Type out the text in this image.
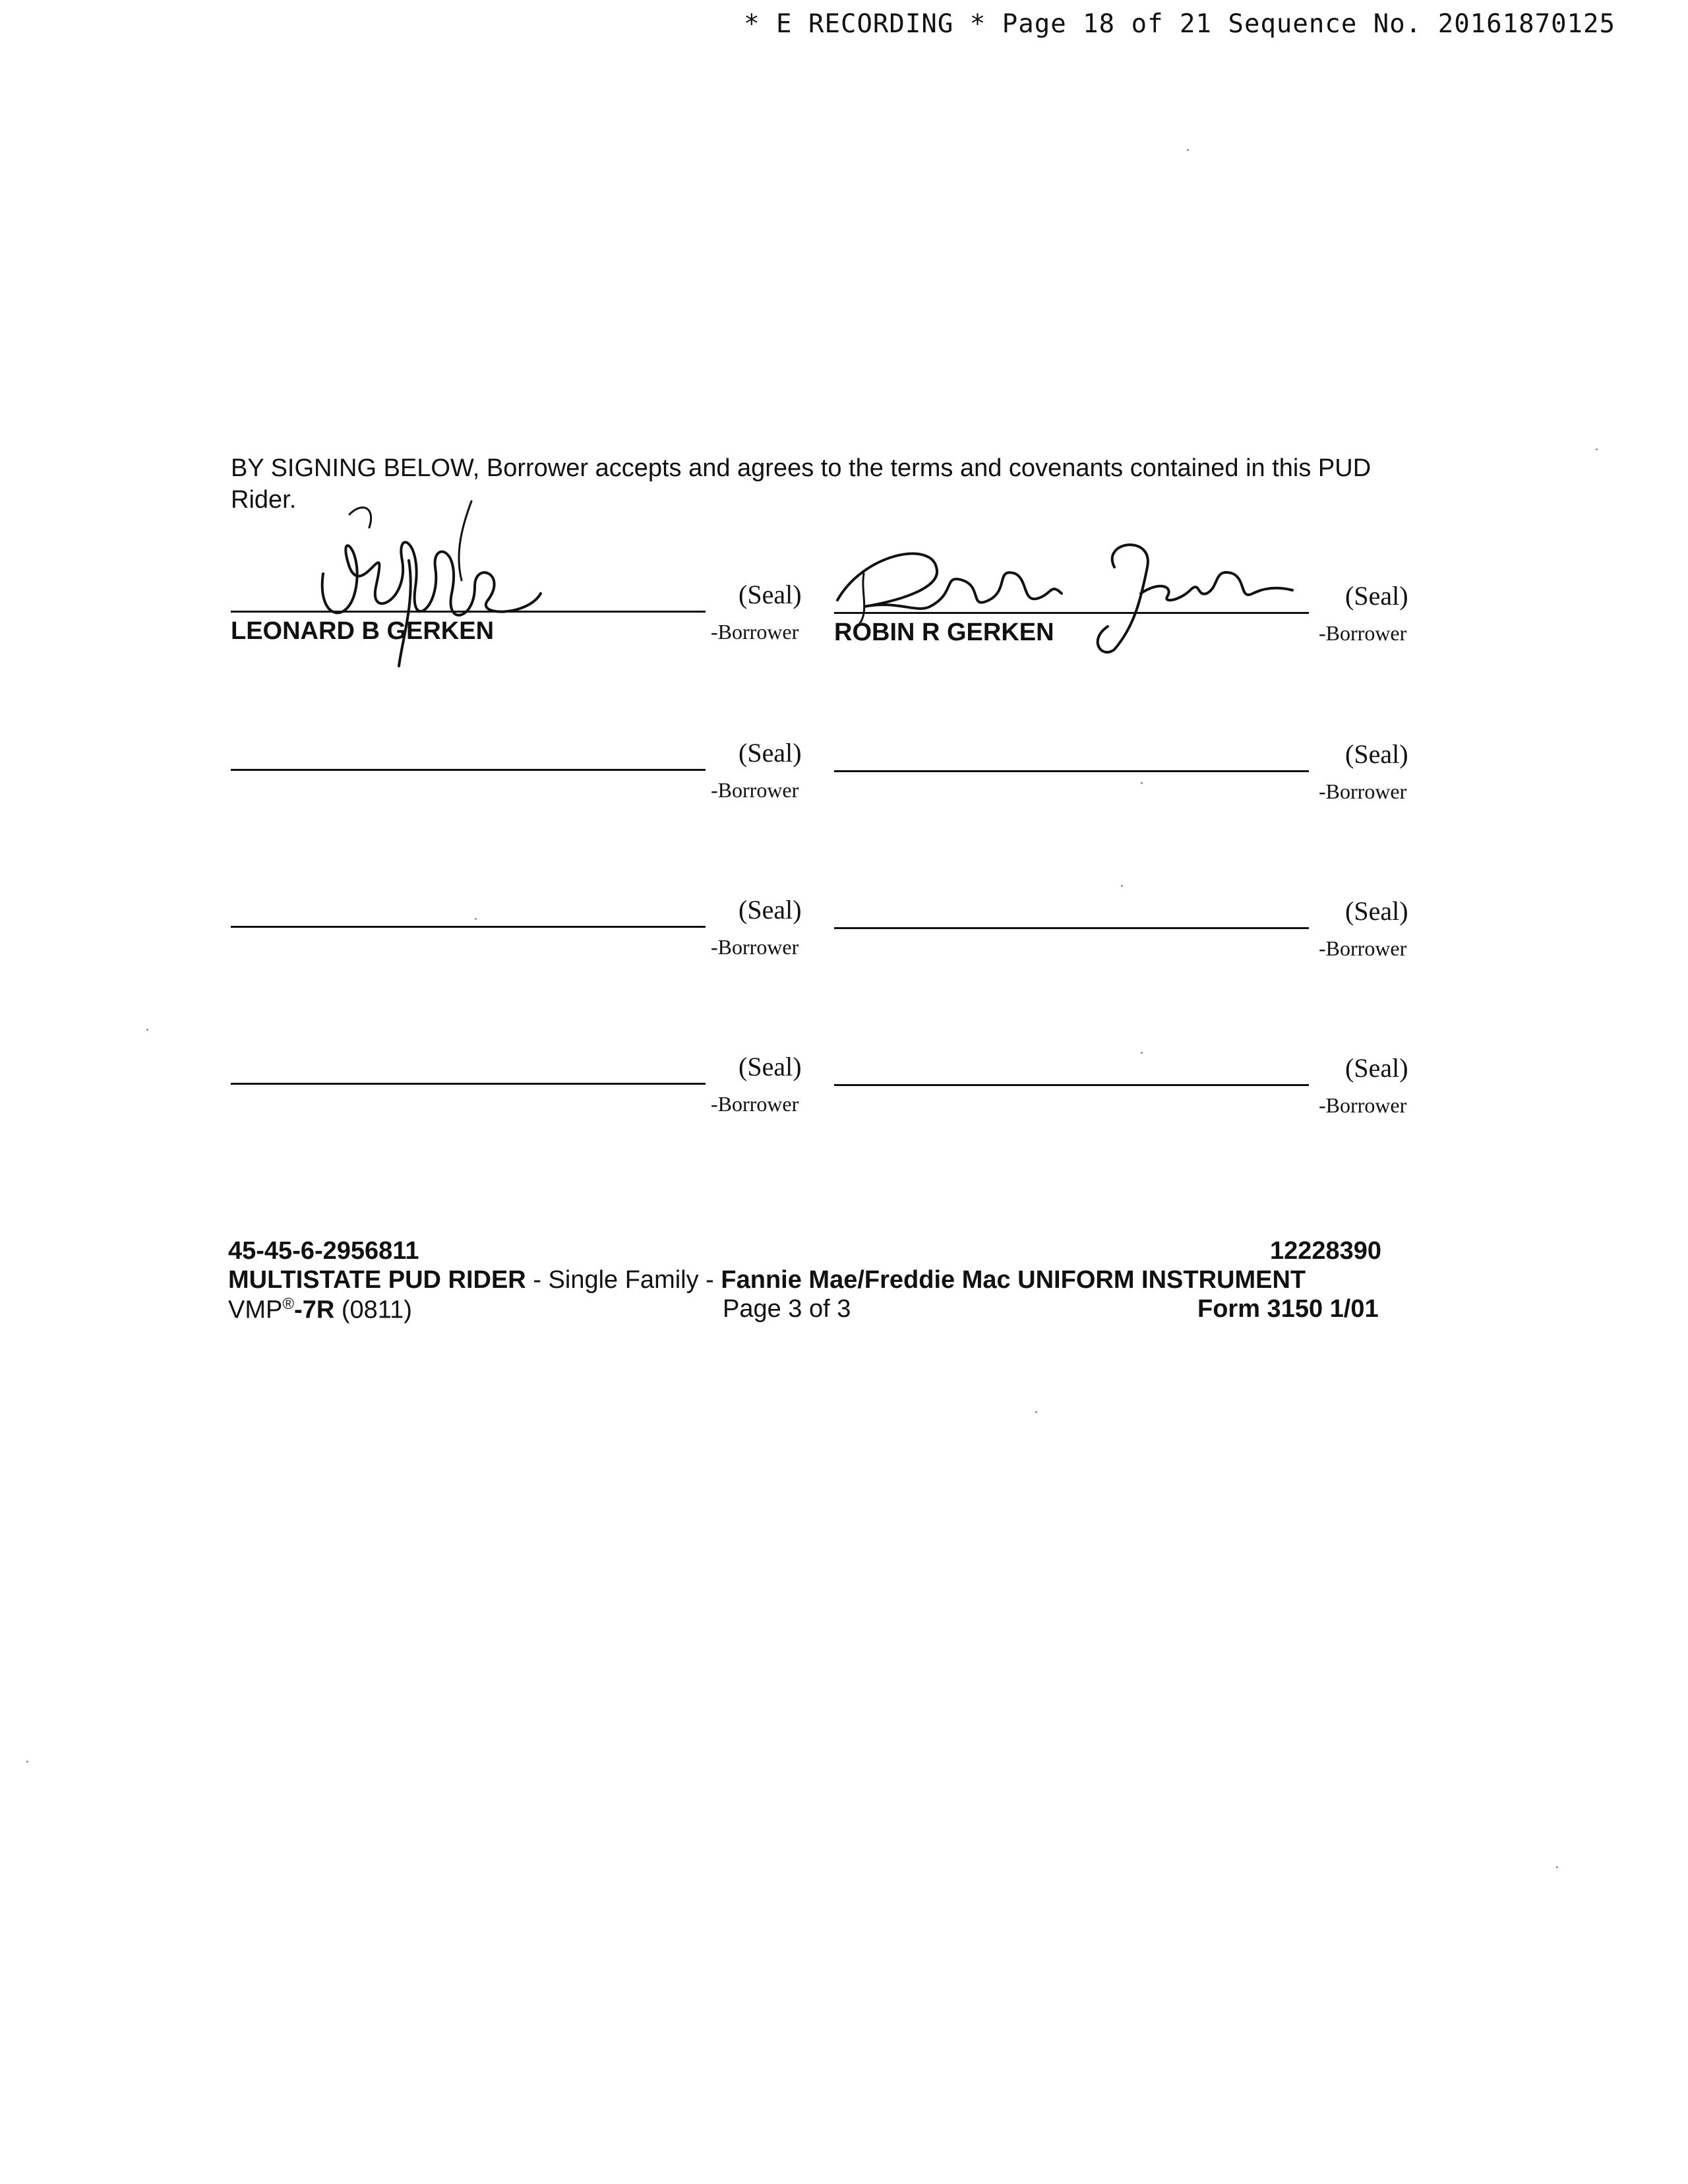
* E RECORDING * Page 18 of 21 Sequence No. 20161870125
BY SIGNING BELOW, Borrower accepts and agrees to the terms and covenants contained in this PUD Rider.
(Seal)
-Borrower
LEONARD B GERKEN
(Seal)
-Borrower
ROBIN R GERKEN
(Seal)
-Borrower
(Seal)
-Borrower
(Seal)
-Borrower
(Seal)
-Borrower
(Seal)
-Borrower
(Seal)
-Borrower
45-45-6-2956811	12228390
MULTISTATE PUD RIDER - Single Family - Fannie Mae/Freddie Mac UNIFORM INSTRUMENT
VMP®-7R (0811)	Page 3 of 3	Form 3150 1/01
